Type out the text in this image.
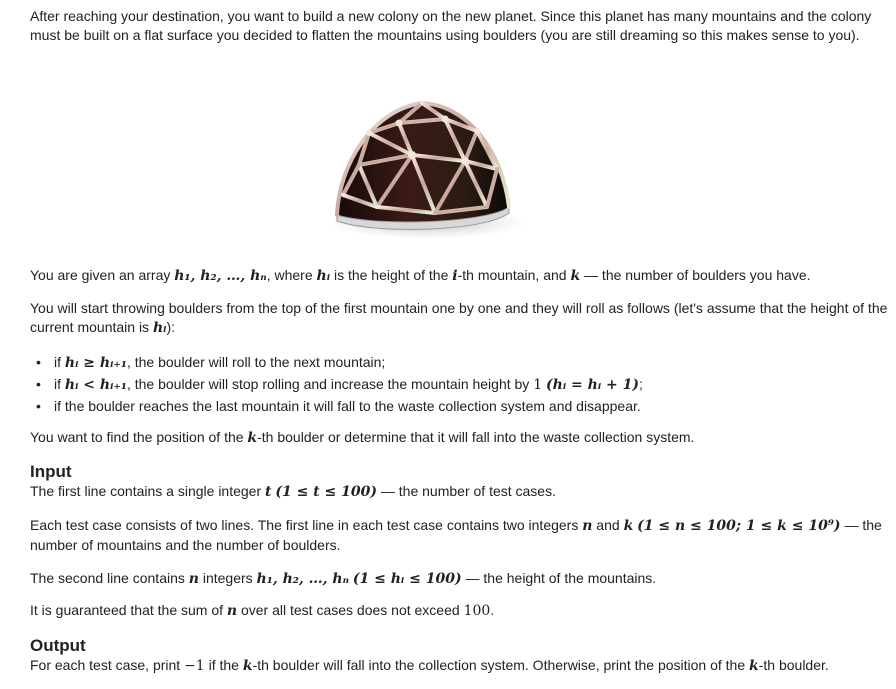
After reaching your destination, you want to build a new colony on the new planet. Since this planet has many mountains and the colony must be built on a flat surface you decided to flatten the mountains using boulders (you are still dreaming so this makes sense to you).

You are given an array h₁, h₂, …, hₙ, where hᵢ is the height of the i-th mountain, and k — the number of boulders you have.

You will start throwing boulders from the top of the first mountain one by one and they will roll as follows (let's assume that the height of the current mountain is hᵢ):

• if hᵢ ≥ hᵢ₊₁, the boulder will roll to the next mountain;
• if hᵢ < hᵢ₊₁, the boulder will stop rolling and increase the mountain height by 1 (hᵢ = hᵢ + 1);
• if the boulder reaches the last mountain it will fall to the waste collection system and disappear.

You want to find the position of the k-th boulder or determine that it will fall into the waste collection system.

Input

The first line contains a single integer t (1 ≤ t ≤ 100) — the number of test cases.

Each test case consists of two lines. The first line in each test case contains two integers n and k (1 ≤ n ≤ 100; 1 ≤ k ≤ 10⁹) — the number of mountains and the number of boulders.

The second line contains n integers h₁, h₂, …, hₙ (1 ≤ hᵢ ≤ 100) — the height of the mountains.

It is guaranteed that the sum of n over all test cases does not exceed 100.

Output

For each test case, print −1 if the k-th boulder will fall into the collection system. Otherwise, print the position of the k-th boulder.
